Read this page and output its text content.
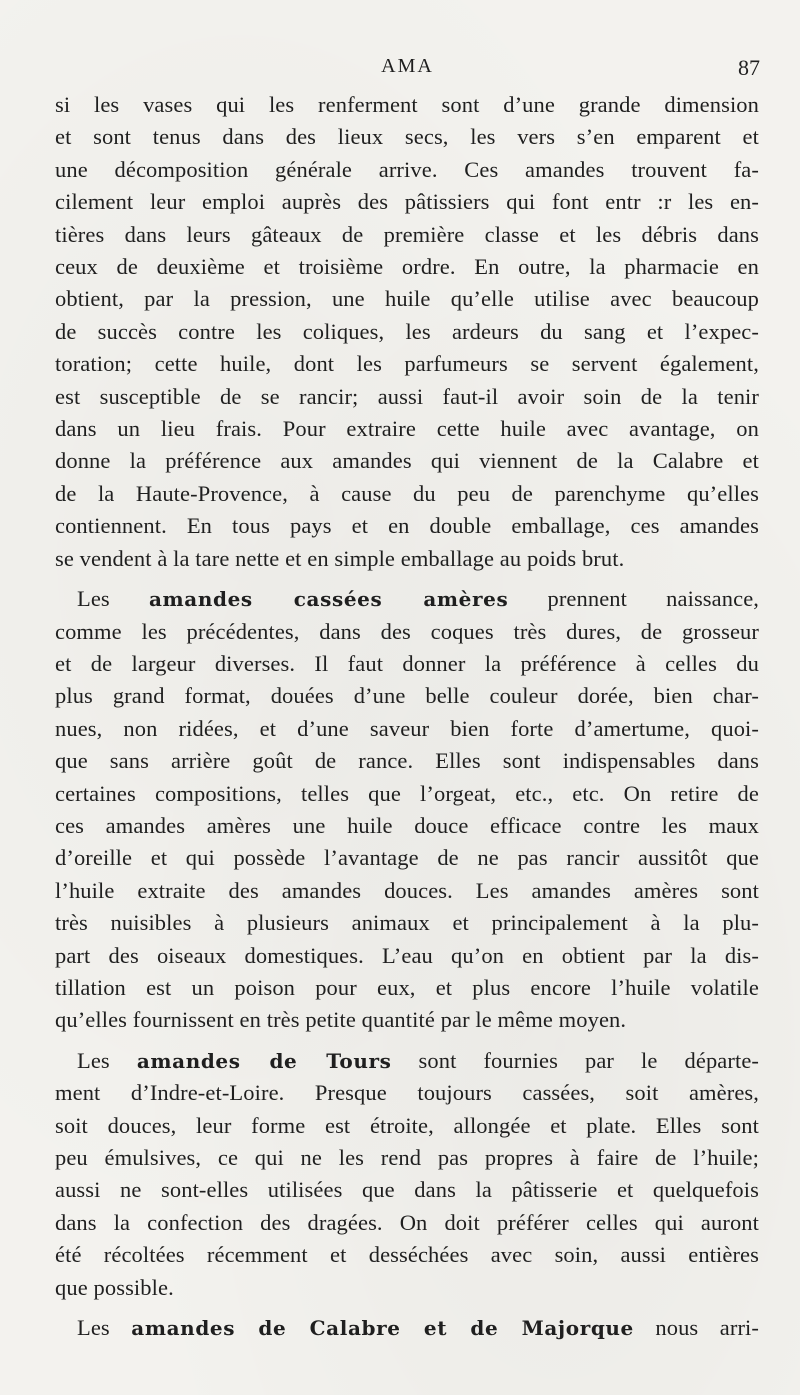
AMA	87
si les vases qui les renferment sont d’une grande dimension
et sont tenus dans des lieux secs, les vers s’en emparent et
une décomposition générale arrive. Ces amandes trouvent fa-
cilement leur emploi auprès des pâtissiers qui font entr :r les en-
tières dans leurs gâteaux de première classe et les débris dans
ceux de deuxième et troisième ordre. En outre, la pharmacie en
obtient, par la pression, une huile qu’elle utilise avec beaucoup
de succès contre les coliques, les ardeurs du sang et l’expec-
toration; cette huile, dont les parfumeurs se servent également,
est susceptible de se rancir; aussi faut-il avoir soin de la tenir
dans un lieu frais. Pour extraire cette huile avec avantage, on
donne la préférence aux amandes qui viennent de la Calabre et
de la Haute-Provence, à cause du peu de parenchyme qu’elles
contiennent. En tous pays et en double emballage, ces amandes
se vendent à la tare nette et en simple emballage au poids brut.
Les amandes cassées amères prennent naissance,
comme les précédentes, dans des coques très dures, de grosseur
et de largeur diverses. Il faut donner la préférence à celles du
plus grand format, douées d’une belle couleur dorée, bien char-
nues, non ridées, et d’une saveur bien forte d’amertume, quoi-
que sans arrière goût de rance. Elles sont indispensables dans
certaines compositions, telles que l’orgeat, etc., etc. On retire de
ces amandes amères une huile douce efficace contre les maux
d’oreille et qui possède l’avantage de ne pas rancir aussitôt que
l’huile extraite des amandes douces. Les amandes amères sont
très nuisibles à plusieurs animaux et principalement à la plu-
part des oiseaux domestiques. L’eau qu’on en obtient par la dis-
tillation est un poison pour eux, et plus encore l’huile volatile
qu’elles fournissent en très petite quantité par le même moyen.
Les amandes de Tours sont fournies par le départe-
ment d’Indre-et-Loire. Presque toujours cassées, soit amères,
soit douces, leur forme est étroite, allongée et plate. Elles sont
peu émulsives, ce qui ne les rend pas propres à faire de l’huile;
aussi ne sont-elles utilisées que dans la pâtisserie et quelquefois
dans la confection des dragées. On doit préférer celles qui auront
été récoltées récemment et desséchées avec soin, aussi entières
que possible.
Les amandes de Calabre et de Majorque nous arri-
